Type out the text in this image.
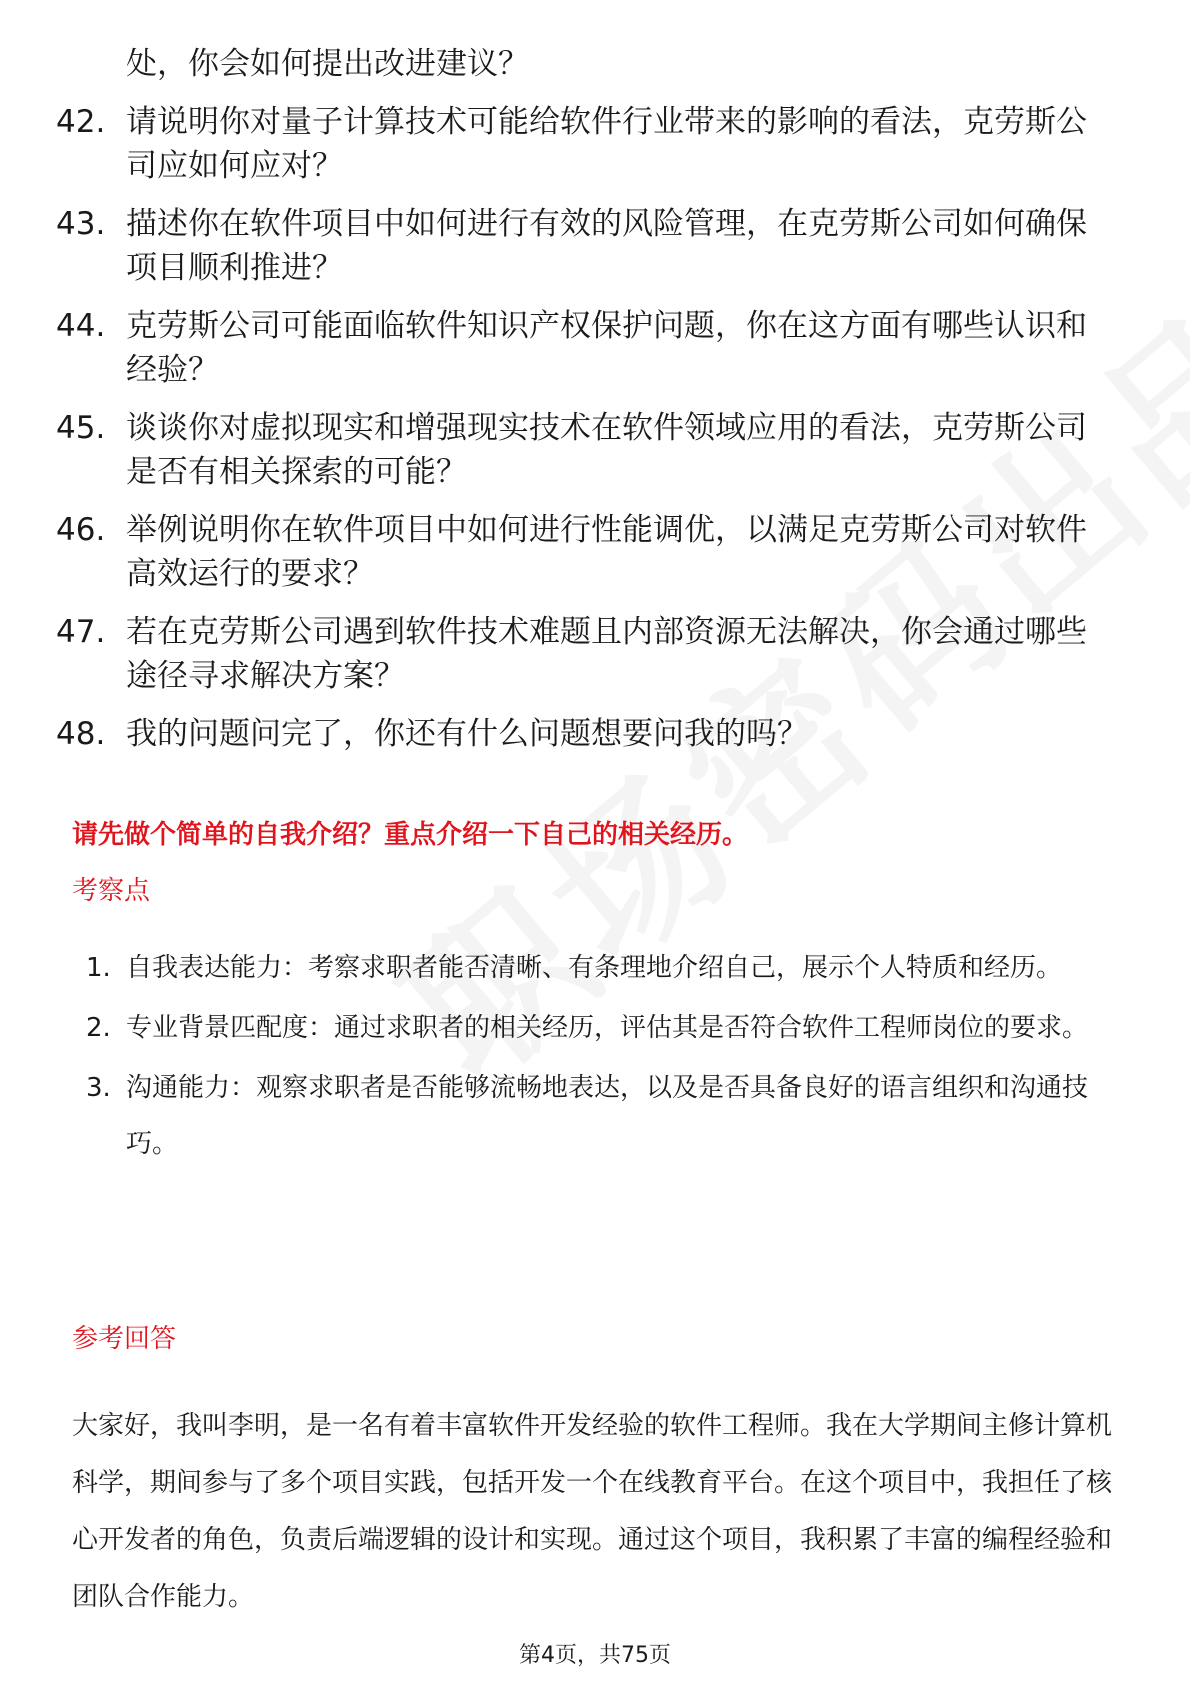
处，你会如何提出改进建议？
42. 请说明你对量子计算技术可能给软件行业带来的影响的看法，克劳斯公司应如何应对？
43. 描述你在软件项目中如何进行有效的风险管理，在克劳斯公司如何确保项目顺利推进？
44. 克劳斯公司可能面临软件知识产权保护问题，你在这方面有哪些认识和经验？
45. 谈谈你对虚拟现实和增强现实技术在软件领域应用的看法，克劳斯公司是否有相关探索的可能？
46. 举例说明你在软件项目中如何进行性能调优，以满足克劳斯公司对软件高效运行的要求？
47. 若在克劳斯公司遇到软件技术难题且内部资源无法解决，你会通过哪些途径寻求解决方案？
48. 我的问题问完了，你还有什么问题想要问我的吗？
请先做个简单的自我介绍？重点介绍一下自己的相关经历。
考察点
1. 自我表达能力：考察求职者能否清晰、有条理地介绍自己，展示个人特质和经历。
2. 专业背景匹配度：通过求职者的相关经历，评估其是否符合软件工程师岗位的要求。
3. 沟通能力：观察求职者是否能够流畅地表达，以及是否具备良好的语言组织和沟通技巧。
参考回答
大家好，我叫李明，是一名有着丰富软件开发经验的软件工程师。我在大学期间主修计算机科学，期间参与了多个项目实践，包括开发一个在线教育平台。在这个项目中，我担任了核心开发者的角色，负责后端逻辑的设计和实现。通过这个项目，我积累了丰富的编程经验和团队合作能力。
第4页，共75页
